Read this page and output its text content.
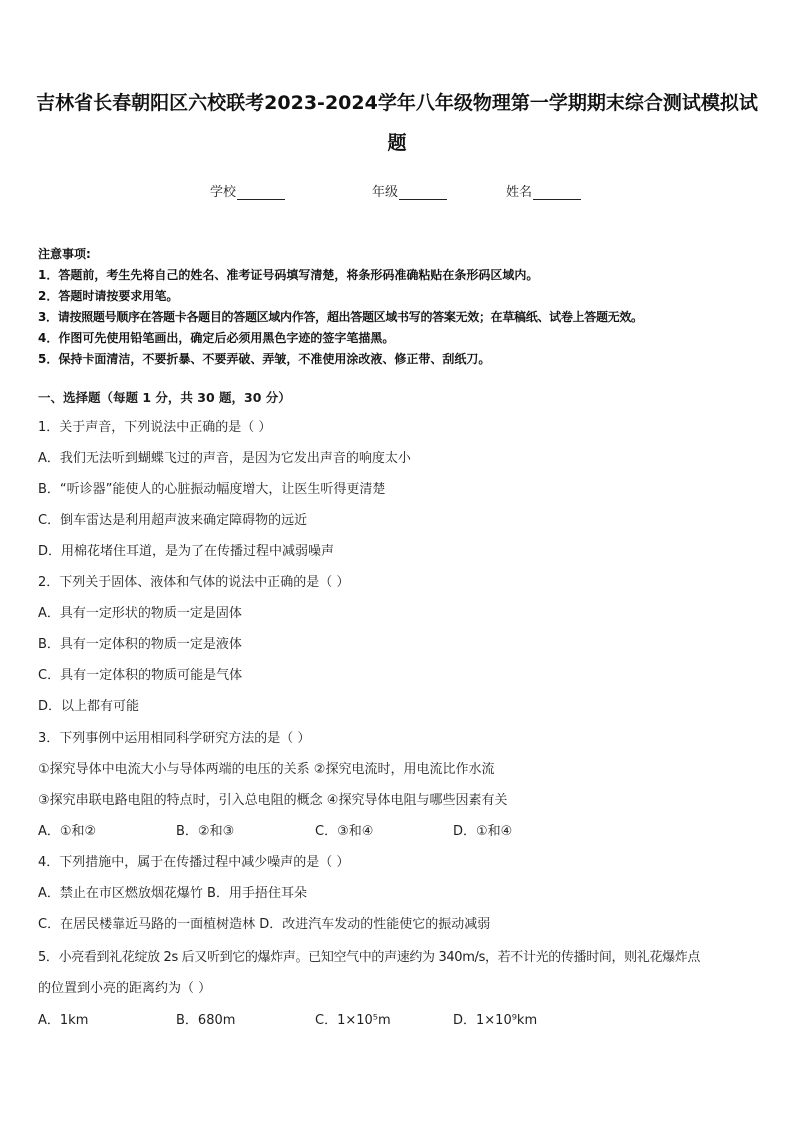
吉林省长春朝阳区六校联考2023-2024学年八年级物理第一学期期末综合测试模拟试
题
学校	年级	姓名
注意事项:
1．答题前，考生先将自己的姓名、准考证号码填写清楚，将条形码准确粘贴在条形码区域内。
2．答题时请按要求用笔。
3．请按照题号顺序在答题卡各题目的答题区域内作答，超出答题区域书写的答案无效；在草稿纸、试卷上答题无效。
4．作图可先使用铅笔画出，确定后必须用黑色字迹的签字笔描黑。
5．保持卡面清洁，不要折暴、不要弄破、弄皱，不准使用涂改液、修正带、刮纸刀。
一、选择题（每题 1 分，共 30 题，30 分）
1．关于声音，下列说法中正确的是（ ）
A．我们无法听到蝴蝶飞过的声音，是因为它发出声音的响度太小
B．“听诊器”能使人的心脏振动幅度增大，让医生听得更清楚
C．倒车雷达是利用超声波来确定障碍物的远近
D．用棉花堵住耳道，是为了在传播过程中减弱噪声
2．下列关于固体、液体和气体的说法中正确的是（ ）
A．具有一定形状的物质一定是固体
B．具有一定体积的物质一定是液体
C．具有一定体积的物质可能是气体
D．以上都有可能
3．下列事例中运用相同科学研究方法的是（ ）
①探究导体中电流大小与导体两端的电压的关系 ②探究电流时，用电流比作水流
③探究串联电路电阻的特点时，引入总电阻的概念 ④探究导体电阻与哪些因素有关
A．①和②	B．②和③	C．③和④	D．①和④
4．下列措施中，属于在传播过程中减少噪声的是（ ）
A．禁止在市区燃放烟花爆竹 B．用手捂住耳朵
C．在居民楼靠近马路的一面植树造林 D．改进汽车发动的性能使它的振动减弱
5．小亮看到礼花绽放 2s 后又听到它的爆炸声。已知空气中的声速约为 340m/s，若不计光的传播时间，则礼花爆炸点
的位置到小亮的距离约为（ ）
A．1km	B．680m	C．1×10⁵m	D．1×10⁹km
